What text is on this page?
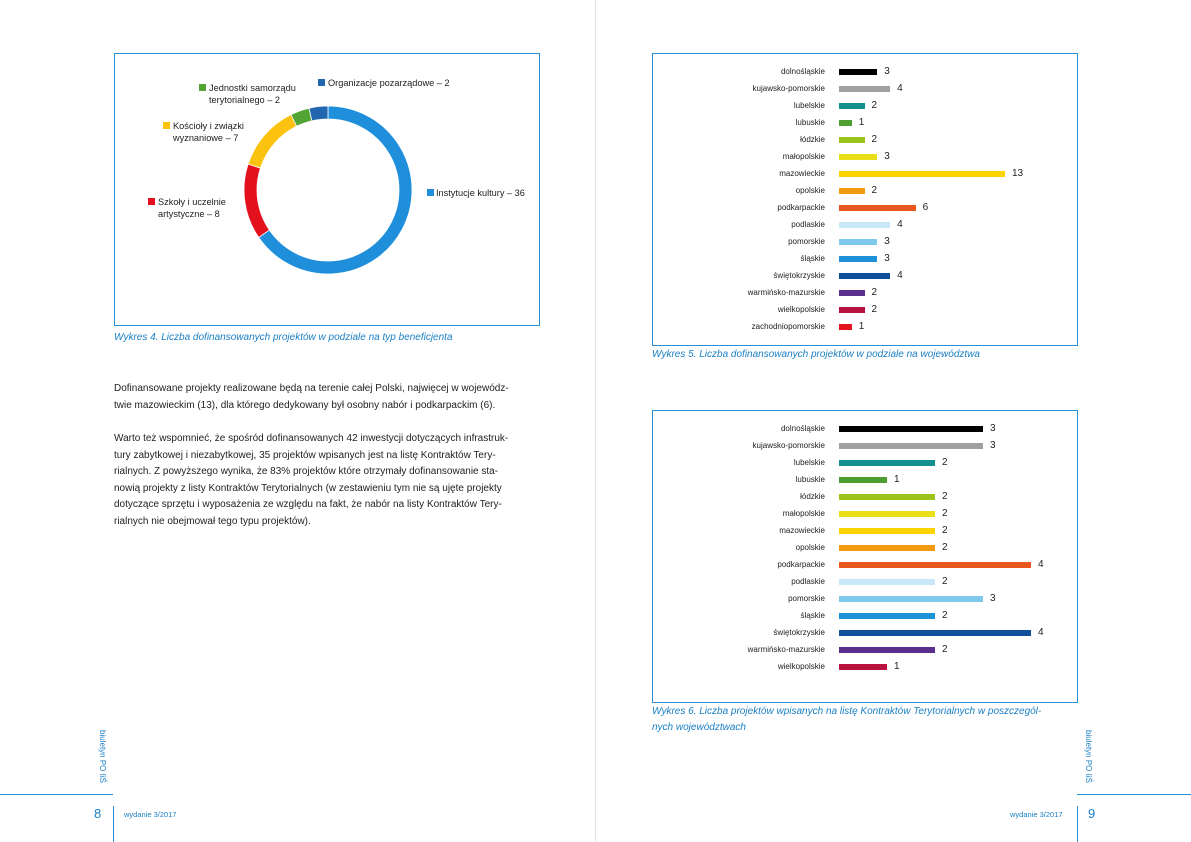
Instytucje kultury – 36
Szkoły i uczelnie
artystyczne – 8
Kościoły i związki
wyznaniowe – 7
Jednostki samorządu
terytorialnego – 2
Organizacje pozarządowe – 2
Wykres 4. Liczba dofinansowanych projektów w podziale na typ beneficjenta
Dofinansowane projekty realizowane będą na terenie całej Polski, najwięcej w wojewódz-
twie mazowieckim (13), dla którego dedykowany był osobny nabór i podkarpackim (6).
Warto też wspomnieć, że spośród dofinansowanych 42 inwestycji dotyczących infrastruk-
tury zabytkowej i niezabytkowej, 35 projektów wpisanych jest na listę Kontraktów Tery-
rialnych. Z powyższego wynika, że 83% projektów które otrzymały dofinansowanie sta-
nowią projekty z listy Kontraktów Terytorialnych (w zestawieniu tym nie są ujęte projekty
dotyczące sprzętu i wyposażenia ze względu na fakt, że nabór na listy Kontraktów Tery-
rialnych nie obejmował tego typu projektów).
biuletyn PO IiŚ
8	wydanie 3/2017
dolnośląskie	3
kujawsko-pomorskie	4
lubelskie	2
lubuskie	1
łódzkie	2
małopolskie	3
mazowieckie	13
opolskie	2
podkarpackie	6
podlaskie	4
pomorskie	3
śląskie	3
świętokrzyskie	4
warmińsko-mazurskie	2
wielkopolskie	2
zachodniopomorskie	1
Wykres 5. Liczba dofinansowanych projektów w podziale na województwa
dolnośląskie	3
kujawsko-pomorskie	3
lubelskie	2
lubuskie	1
łódzkie	2
małopolskie	2
mazowieckie	2
opolskie	2
podkarpackie	4
podlaskie	2
pomorskie	3
śląskie	2
świętokrzyskie	4
warmińsko-mazurskie	2
wielkopolskie	1
Wykres 6. Liczba projektów wpisanych na listę Kontraktów Terytorialnych w poszczegól-
nych województwach
biuletyn PO IiŚ
9
wydanie 3/2017
